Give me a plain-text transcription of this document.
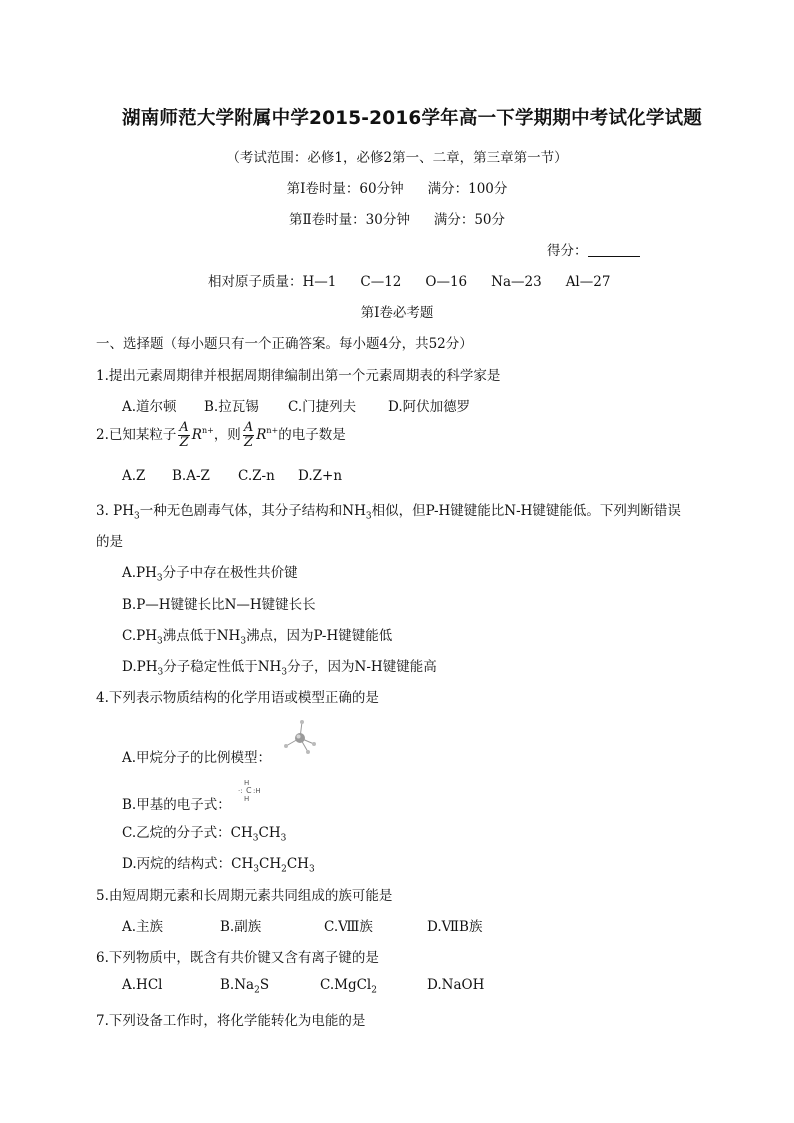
湖南师范大学附属中学2015-2016学年高一下学期期中考试化学试题
（考试范围：必修1，必修2第一、二章，第三章第一节）
第Ⅰ卷时量：60分钟 满分：100分
第Ⅱ卷时量：30分钟 满分：50分
得分：
相对原子质量：H—1 C—12 O—16 Na—23 Al—27
第Ⅰ卷必考题
一、选择题（每小题只有一个正确答案。每小题4分，共52分）
1.提出元素周期律并根据周期律编制出第一个元素周期表的科学家是
A.道尔顿 B.拉瓦锡 C.门捷列夫 D.阿伏加德罗
2.已知某粒子 $\frac{A}{Z} R^{n+}$，则 $\frac{A}{Z} R^{n+}$的电子数是
A.Z B.A-Z C.Z-n D.Z+n
3. $PH_3$一种无色剧毒气体，其分子结构和$NH_3$相似，但P-H键键能比N-H键键能低。下列判断错误
的是
$A.PH_3$分子中存在极性共价键
B.P—H键键长比N—H键键长长
$C.PH_3$沸点低于$NH_3$沸点，因为P-H键键能低
$D.PH_3$分子稳定性低于$NH_3$分子，因为N-H键键能高
4.下列表示物质结构的化学用语或模型正确的是
A.甲烷分子的比例模型：
B.甲基的电子式：
H
·: C :H
H
C.乙烷的分子式：$CH_3CH_3$
D.丙烷的结构式：$CH_3CH_2CH_3$
5.由短周期元素和长周期元素共同组成的族可能是
A.主族	B.副族	C.Ⅷ族	D.ⅦB族
6.下列物质中，既含有共价键又含有离子键的是
A.HCl	$B.Na_2S$	C.MgCl$_2$	D.NaOH
7.下列设备工作时，将化学能转化为电能的是
